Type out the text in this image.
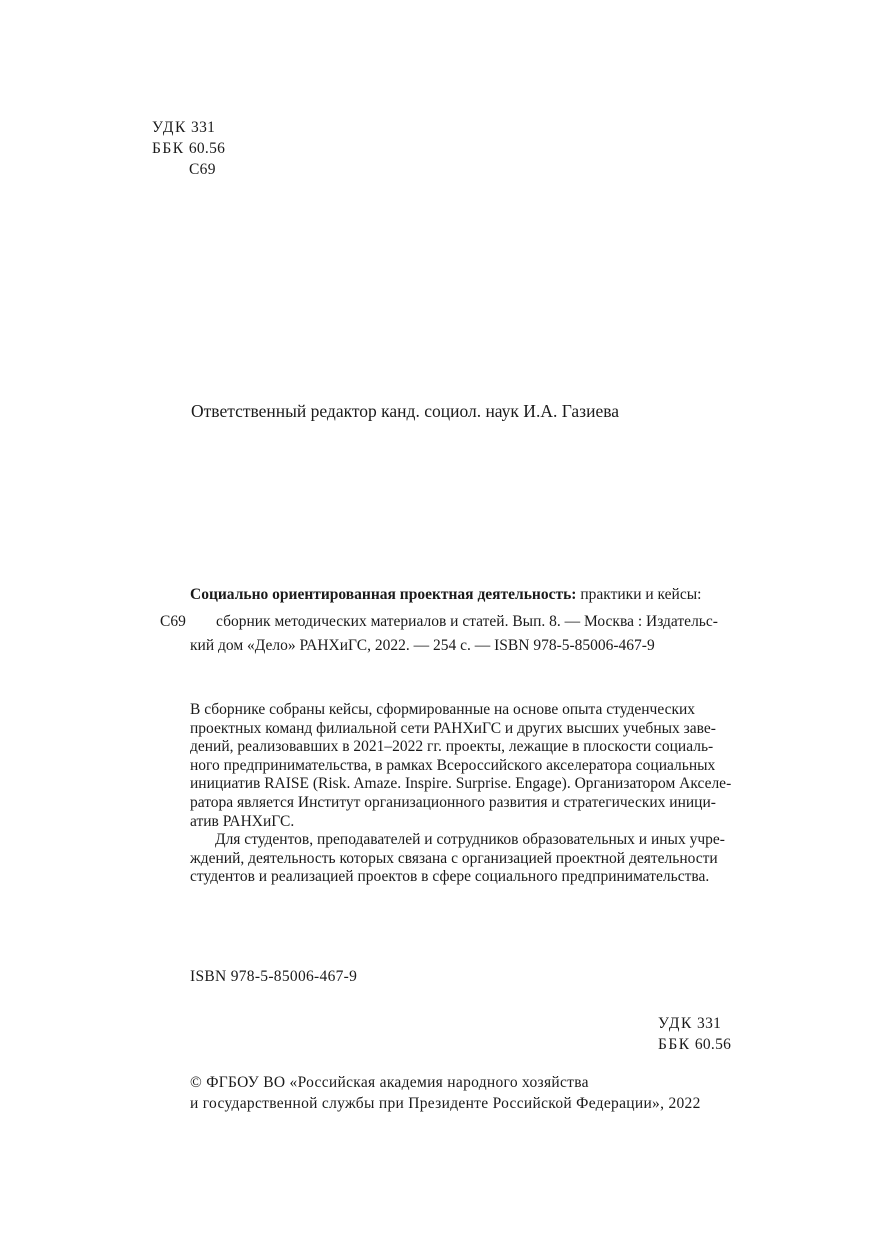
УДК 331
ББК 60.56
С69
Ответственный редактор канд. социол. наук И.А. Газиева
Социально ориентированная проектная деятельность: практики и кейсы:
С69 сборник методических материалов и статей. Вып. 8. — Москва : Издательс-
кий дом «Дело» РАНХиГС, 2022. — 254 с. — ISBN 978-5-85006-467-9
В сборнике собраны кейсы, сформированные на основе опыта студенческих
проектных команд филиальной сети РАНХиГС и других высших учебных заве-
дений, реализовавших в 2021–2022 гг. проекты, лежащие в плоскости социаль-
ного предпринимательства, в рамках Всероссийского акселератора социальных
инициатив RAISE (Risk. Amaze. Inspire. Surprise. Engage). Организатором Акселе-
ратора является Институт организационного развития и стратегических иници-
атив РАНХиГС.
Для студентов, преподавателей и сотрудников образовательных и иных учре-
ждений, деятельность которых связана с организацией проектной деятельности
студентов и реализацией проектов в сфере социального предпринимательства.
ISBN 978-5-85006-467-9
УДК 331
ББК 60.56
© ФГБОУ ВО «Российская академия народного хозяйства
и государственной службы при Президенте Российской Федерации», 2022
